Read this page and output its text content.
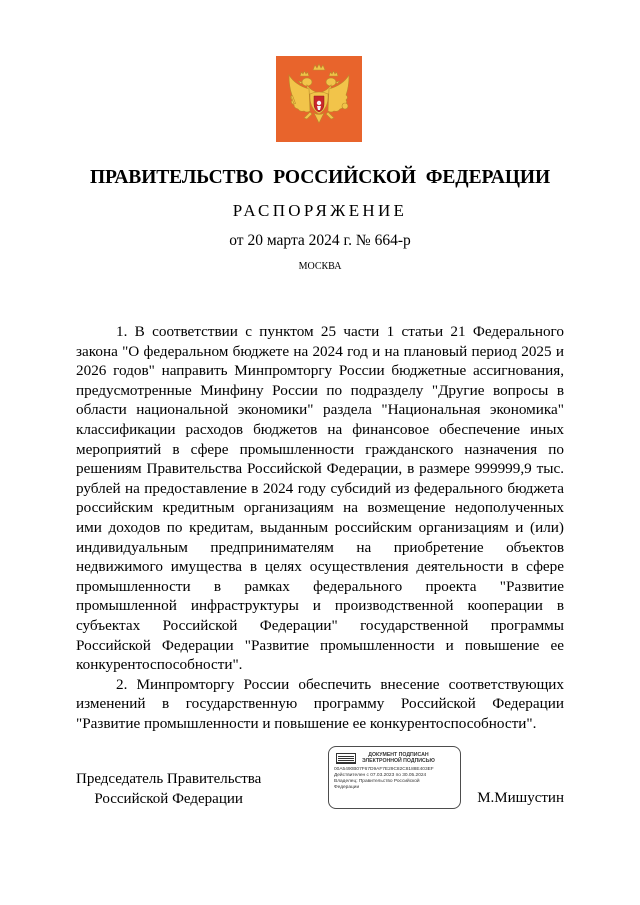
ПРАВИТЕЛЬСТВО РОССИЙСКОЙ ФЕДЕРАЦИИ
РАСПОРЯЖЕНИЕ
от 20 марта 2024 г. № 664-р
МОСКВА

1. В соответствии с пунктом 25 части 1 статьи 21 Федерального закона "О федеральном бюджете на 2024 год и на плановый период 2025 и 2026 годов" направить Минпромторгу России бюджетные ассигнования, предусмотренные Минфину России по подразделу "Другие вопросы в области национальной экономики" раздела "Национальная экономика" классификации расходов бюджетов на финансовое обеспечение иных мероприятий в сфере промышленности гражданского назначения по решениям Правительства Российской Федерации, в размере 999999,9 тыс. рублей на предоставление в 2024 году субсидий из федерального бюджета российским кредитным организациям на возмещение недополученных ими доходов по кредитам, выданным российским организациям и (или) индивидуальным предпринимателям на приобретение объектов недвижимого имущества в целях осуществления деятельности в сфере промышленности в рамках федерального проекта "Развитие промышленной инфраструктуры и производственной кооперации в субъектах Российской Федерации" государственной программы Российской Федерации "Развитие промышленности и повышение ее конкурентоспособности".

2. Минпромторгу России обеспечить внесение соответствующих изменений в государственную программу Российской Федерации "Развитие промышленности и повышение ее конкурентоспособности".

Председатель Правительства
Российской Федерации
ДОКУМЕНТ ПОДПИСАН
ЭЛЕКТРОННОЙ ПОДПИСЬЮ
00A5490B07F67D9AF7E29C82C8188E403EF
Действителен с 07.03.2023 по 30.05.2024
Владелец: Правительство Российской
Федерации
М.Мишустин
